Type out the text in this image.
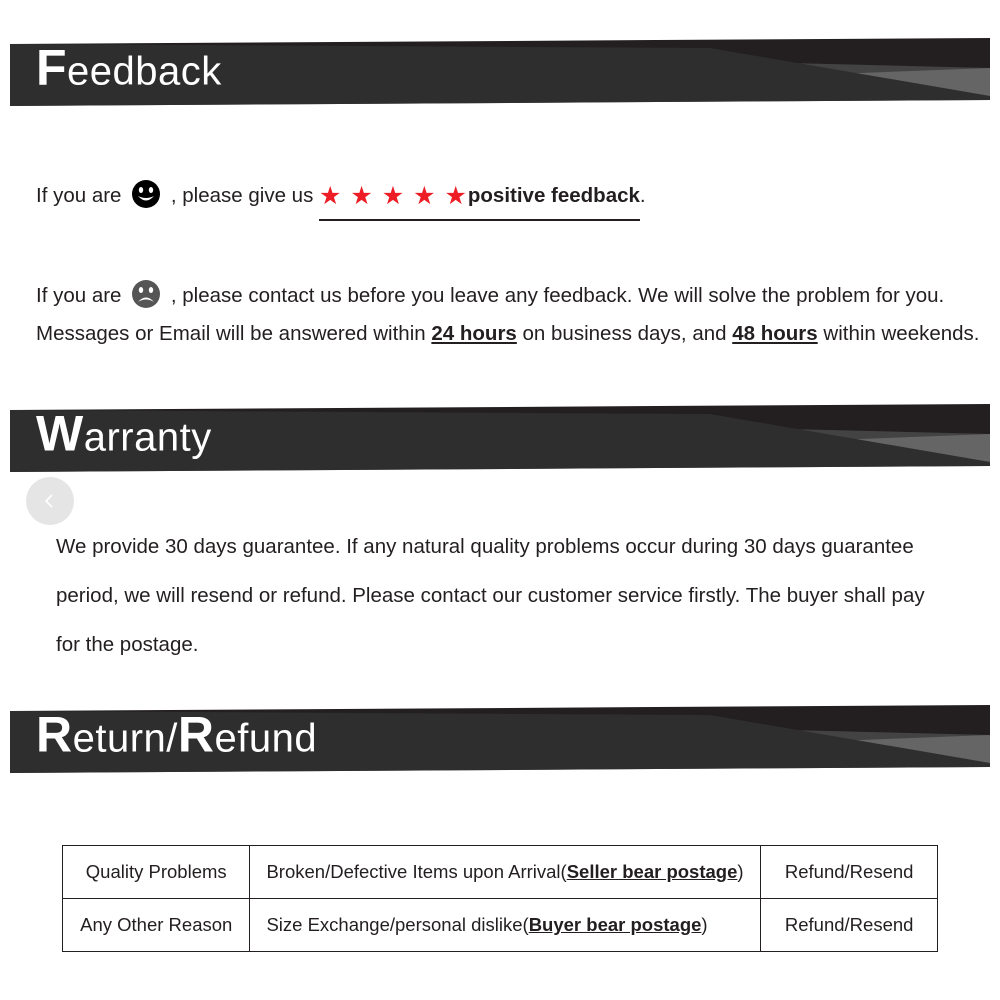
Feedback
If you are , please give us ★ ★ ★ ★ ★positive feedback.
If you are , please contact us before you leave any feedback. We will solve the problem for you.
Messages or Email will be answered within 24 hours on business days, and 48 hours within weekends.
Warranty
We provide 30 days guarantee. If any natural quality problems occur during 30 days guarantee
period, we will resend or refund. Please contact our customer service firstly. The buyer shall pay
for the postage.
Return/Refund
Quality Problems	Broken/Defective Items upon Arrival(Seller bear postage)	Refund/Resend
Any Other Reason	Size Exchange/personal dislike(Buyer bear postage)	Refund/Resend
